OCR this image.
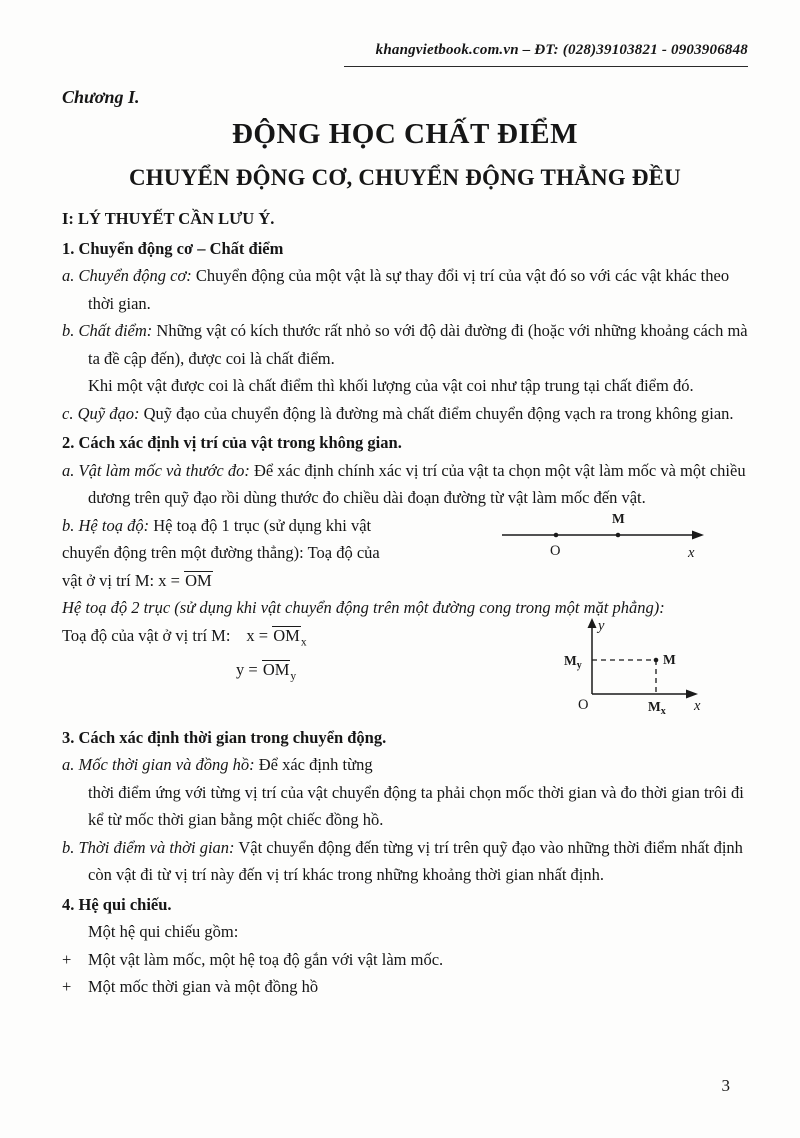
khangvietbook.com.vn – ĐT: (028)39103821 - 0903906848
Chương I.
ĐỘNG HỌC CHẤT ĐIỂM
CHUYỂN ĐỘNG CƠ, CHUYỂN ĐỘNG THẲNG ĐỀU
I: LÝ THUYẾT CẦN LƯU Ý.
1. Chuyển động cơ – Chất điểm

a. Chuyển động cơ: Chuyển động của một vật là sự thay đổi vị trí của vật đó so với các vật khác theo thời gian.

b. Chất điểm: Những vật có kích thước rất nhỏ so với độ dài đường đi (hoặc với những khoảng cách mà ta đề cập đến), được coi là chất điểm.

Khi một vật được coi là chất điểm thì khối lượng của vật coi như tập trung tại chất điểm đó.

c. Quỹ đạo: Quỹ đạo của chuyển động là đường mà chất điểm chuyển động vạch ra trong không gian.

2. Cách xác định vị trí của vật trong không gian.

a. Vật làm mốc và thước đo: Để xác định chính xác vị trí của vật ta chọn một vật làm mốc và một chiều dương trên quỹ đạo rồi dùng thước đo chiều dài đoạn đường từ vật làm mốc đến vật.

M
O	x
b. Hệ toạ độ: Hệ toạ độ 1 trục (sử dụng khi vật
chuyển động trên một đường thẳng): Toạ độ của
vật ở vị trí M: x = OM

Hệ toạ độ 2 trục (sử dụng khi vật chuyển động trên một đường cong trong một mặt phẳng):

y
$M_y$	M
O	$M_x$ x
Toạ độ của vật ở vị trí M: $x = OM_x$
$y = OM_y$
3. Cách xác định thời gian trong chuyển động.

a. Mốc thời gian và đồng hồ: Để xác định từng
thời điểm ứng với từng vị trí của vật chuyển động ta phải chọn mốc thời gian và đo thời gian trôi đi kể từ mốc thời gian bằng một chiếc đồng hồ.

b. Thời điểm và thời gian: Vật chuyển động đến từng vị trí trên quỹ đạo vào những thời điểm nhất định còn vật đi từ vị trí này đến vị trí khác trong những khoảng thời gian nhất định.

4. Hệ qui chiếu.

Một hệ qui chiếu gồm:

+ Một vật làm mốc, một hệ toạ độ gắn với vật làm mốc.

+ Một mốc thời gian và một đồng hồ

3
